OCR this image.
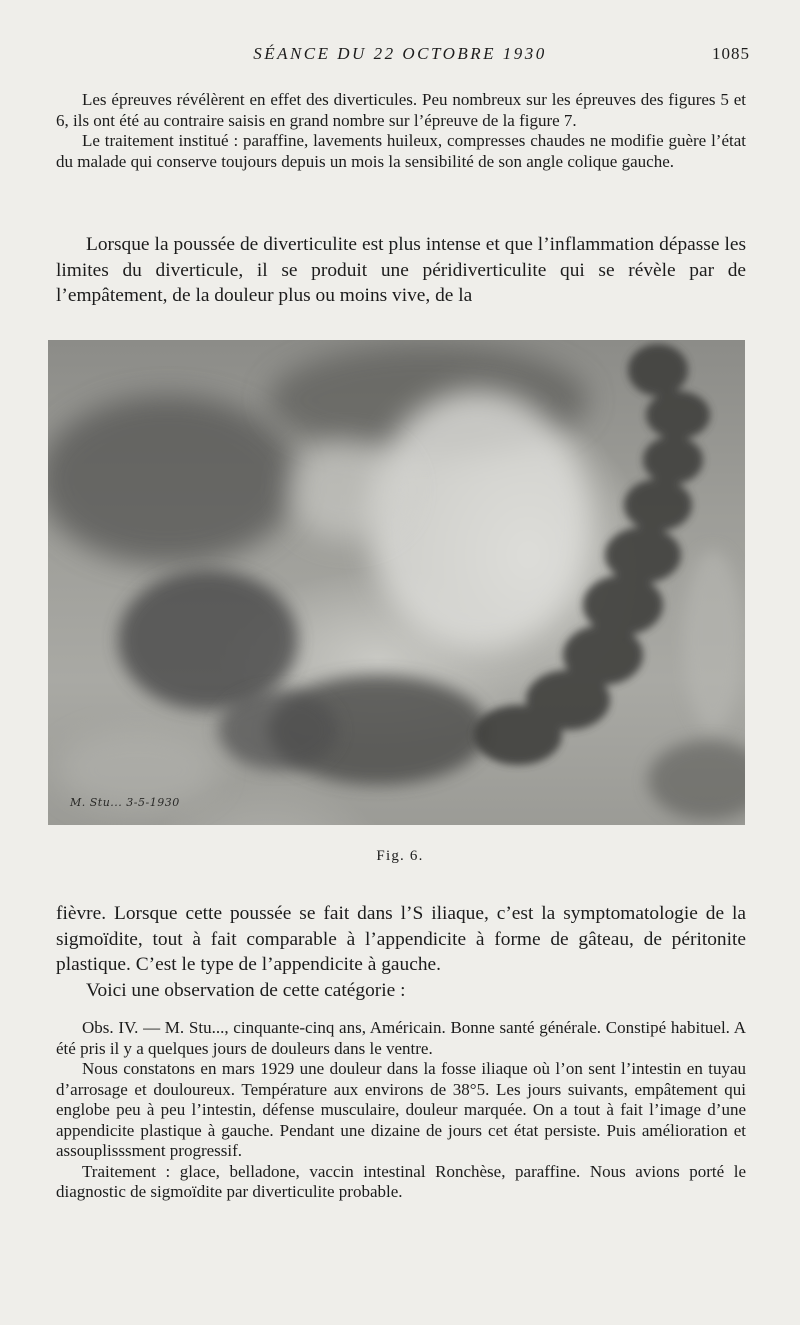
SÉANCE DU 22 OCTOBRE 1930	1085

Les épreuves révélèrent en effet des diverticules. Peu nombreux sur les épreuves des figures 5 et 6, ils ont été au contraire saisis en grand nombre sur l’épreuve de la figure 7.

Le traitement institué : paraffine, lavements huileux, compresses chaudes ne modifie guère l’état du malade qui conserve toujours depuis un mois la sensibilité de son angle colique gauche.

Lorsque la poussée de diverticulite est plus intense et que l’inflammation dépasse les limites du diverticule, il se produit une péridiverticulite qui se révèle par de l’empâtement, de la douleur plus ou moins vive, de la

M. Stu... 3-5-1930
Fig. 6.

fièvre. Lorsque cette poussée se fait dans l’S iliaque, c’est la symptomatologie de la sigmoïdite, tout à fait comparable à l’appendicite à forme de gâteau, de péritonite plastique. C’est le type de l’appendicite à gauche.

Voici une observation de cette catégorie :

Obs. IV. — M. Stu..., cinquante-cinq ans, Américain. Bonne santé générale. Constipé habituel. A été pris il y a quelques jours de douleurs dans le ventre.

Nous constatons en mars 1929 une douleur dans la fosse iliaque où l’on sent l’intestin en tuyau d’arrosage et douloureux. Température aux environs de 38°5. Les jours suivants, empâtement qui englobe peu à peu l’intestin, défense musculaire, douleur marquée. On a tout à fait l’image d’une appendicite plastique à gauche. Pendant une dizaine de jours cet état persiste. Puis amélioration et assouplisssment progressif.

Traitement : glace, belladone, vaccin intestinal Ronchèse, paraffine. Nous avions porté le diagnostic de sigmoïdite par diverticulite probable.
